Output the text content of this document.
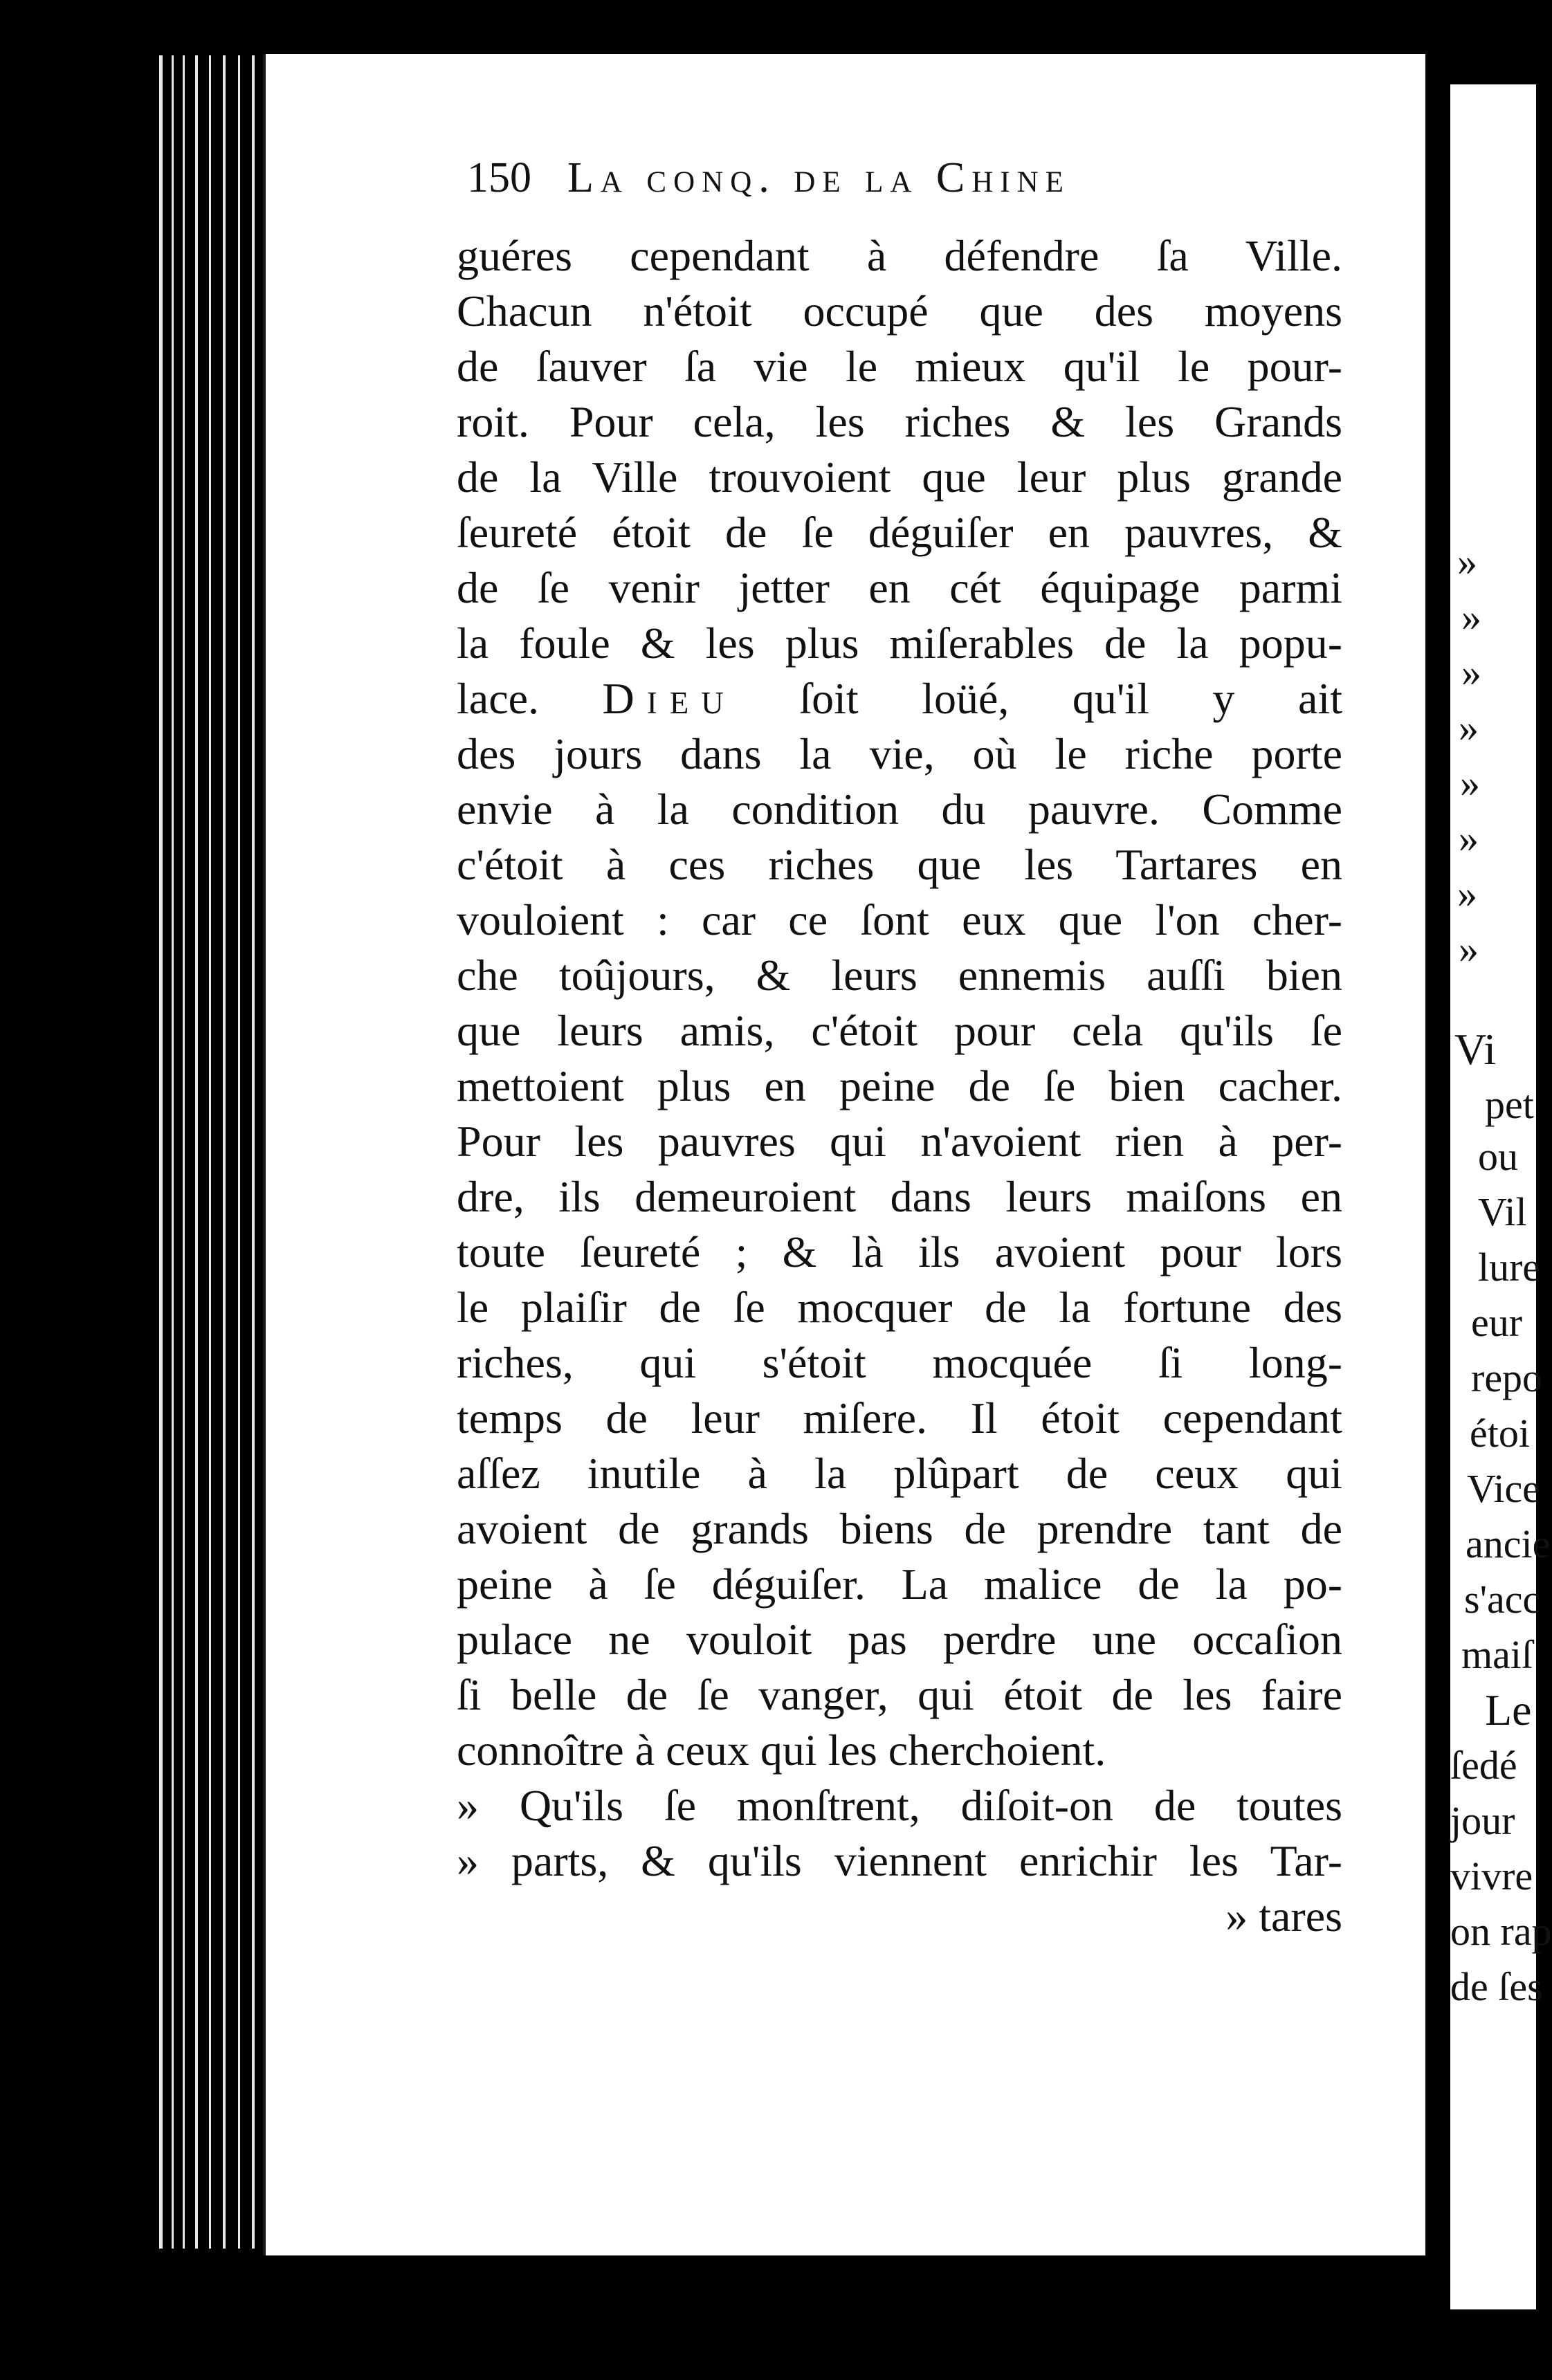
150 La conq. de la Chine
guéres cependant à défendre ſa Ville.
Chacun n'étoit occupé que des moyens
de ſauver ſa vie le mieux qu'il le pour-
roit. Pour cela, les riches & les Grands
de la Ville trouvoient que leur plus grande
ſeureté étoit de ſe déguiſer en pauvres, &
de ſe venir jetter en cét équipage parmi
la foule & les plus miſerables de la popu-
lace. Dieu ſoit loüé, qu'il y ait
des jours dans la vie, où le riche porte
envie à la condition du pauvre. Comme
c'étoit à ces riches que les Tartares en
vouloient : car ce ſont eux que l'on cher-
che toûjours, & leurs ennemis auſſi bien
que leurs amis, c'étoit pour cela qu'ils ſe
mettoient plus en peine de ſe bien cacher.
Pour les pauvres qui n'avoient rien à per-
dre, ils demeuroient dans leurs maiſons en
toute ſeureté ; & là ils avoient pour lors
le plaiſir de ſe mocquer de la fortune des
riches, qui s'étoit mocquée ſi long-
temps de leur miſere. Il étoit cependant
aſſez inutile à la plûpart de ceux qui
avoient de grands biens de prendre tant de
peine à ſe déguiſer. La malice de la po-
pulace ne vouloit pas perdre une occaſion
ſi belle de ſe vanger, qui étoit de les faire
connoître à ceux qui les cherchoient.
» Qu'ils ſe monſtrent, diſoit-on de toutes
» parts, & qu'ils viennent enrichir les Tar-
» tares
»
»
»
»
»
»
»
»
Vi
pet
ou
Vil
lure
eur
repo
étoi
Vice
ancie
s'acc
maiſ
Le
ſedé
jour
vivre
on rap
de ſes
